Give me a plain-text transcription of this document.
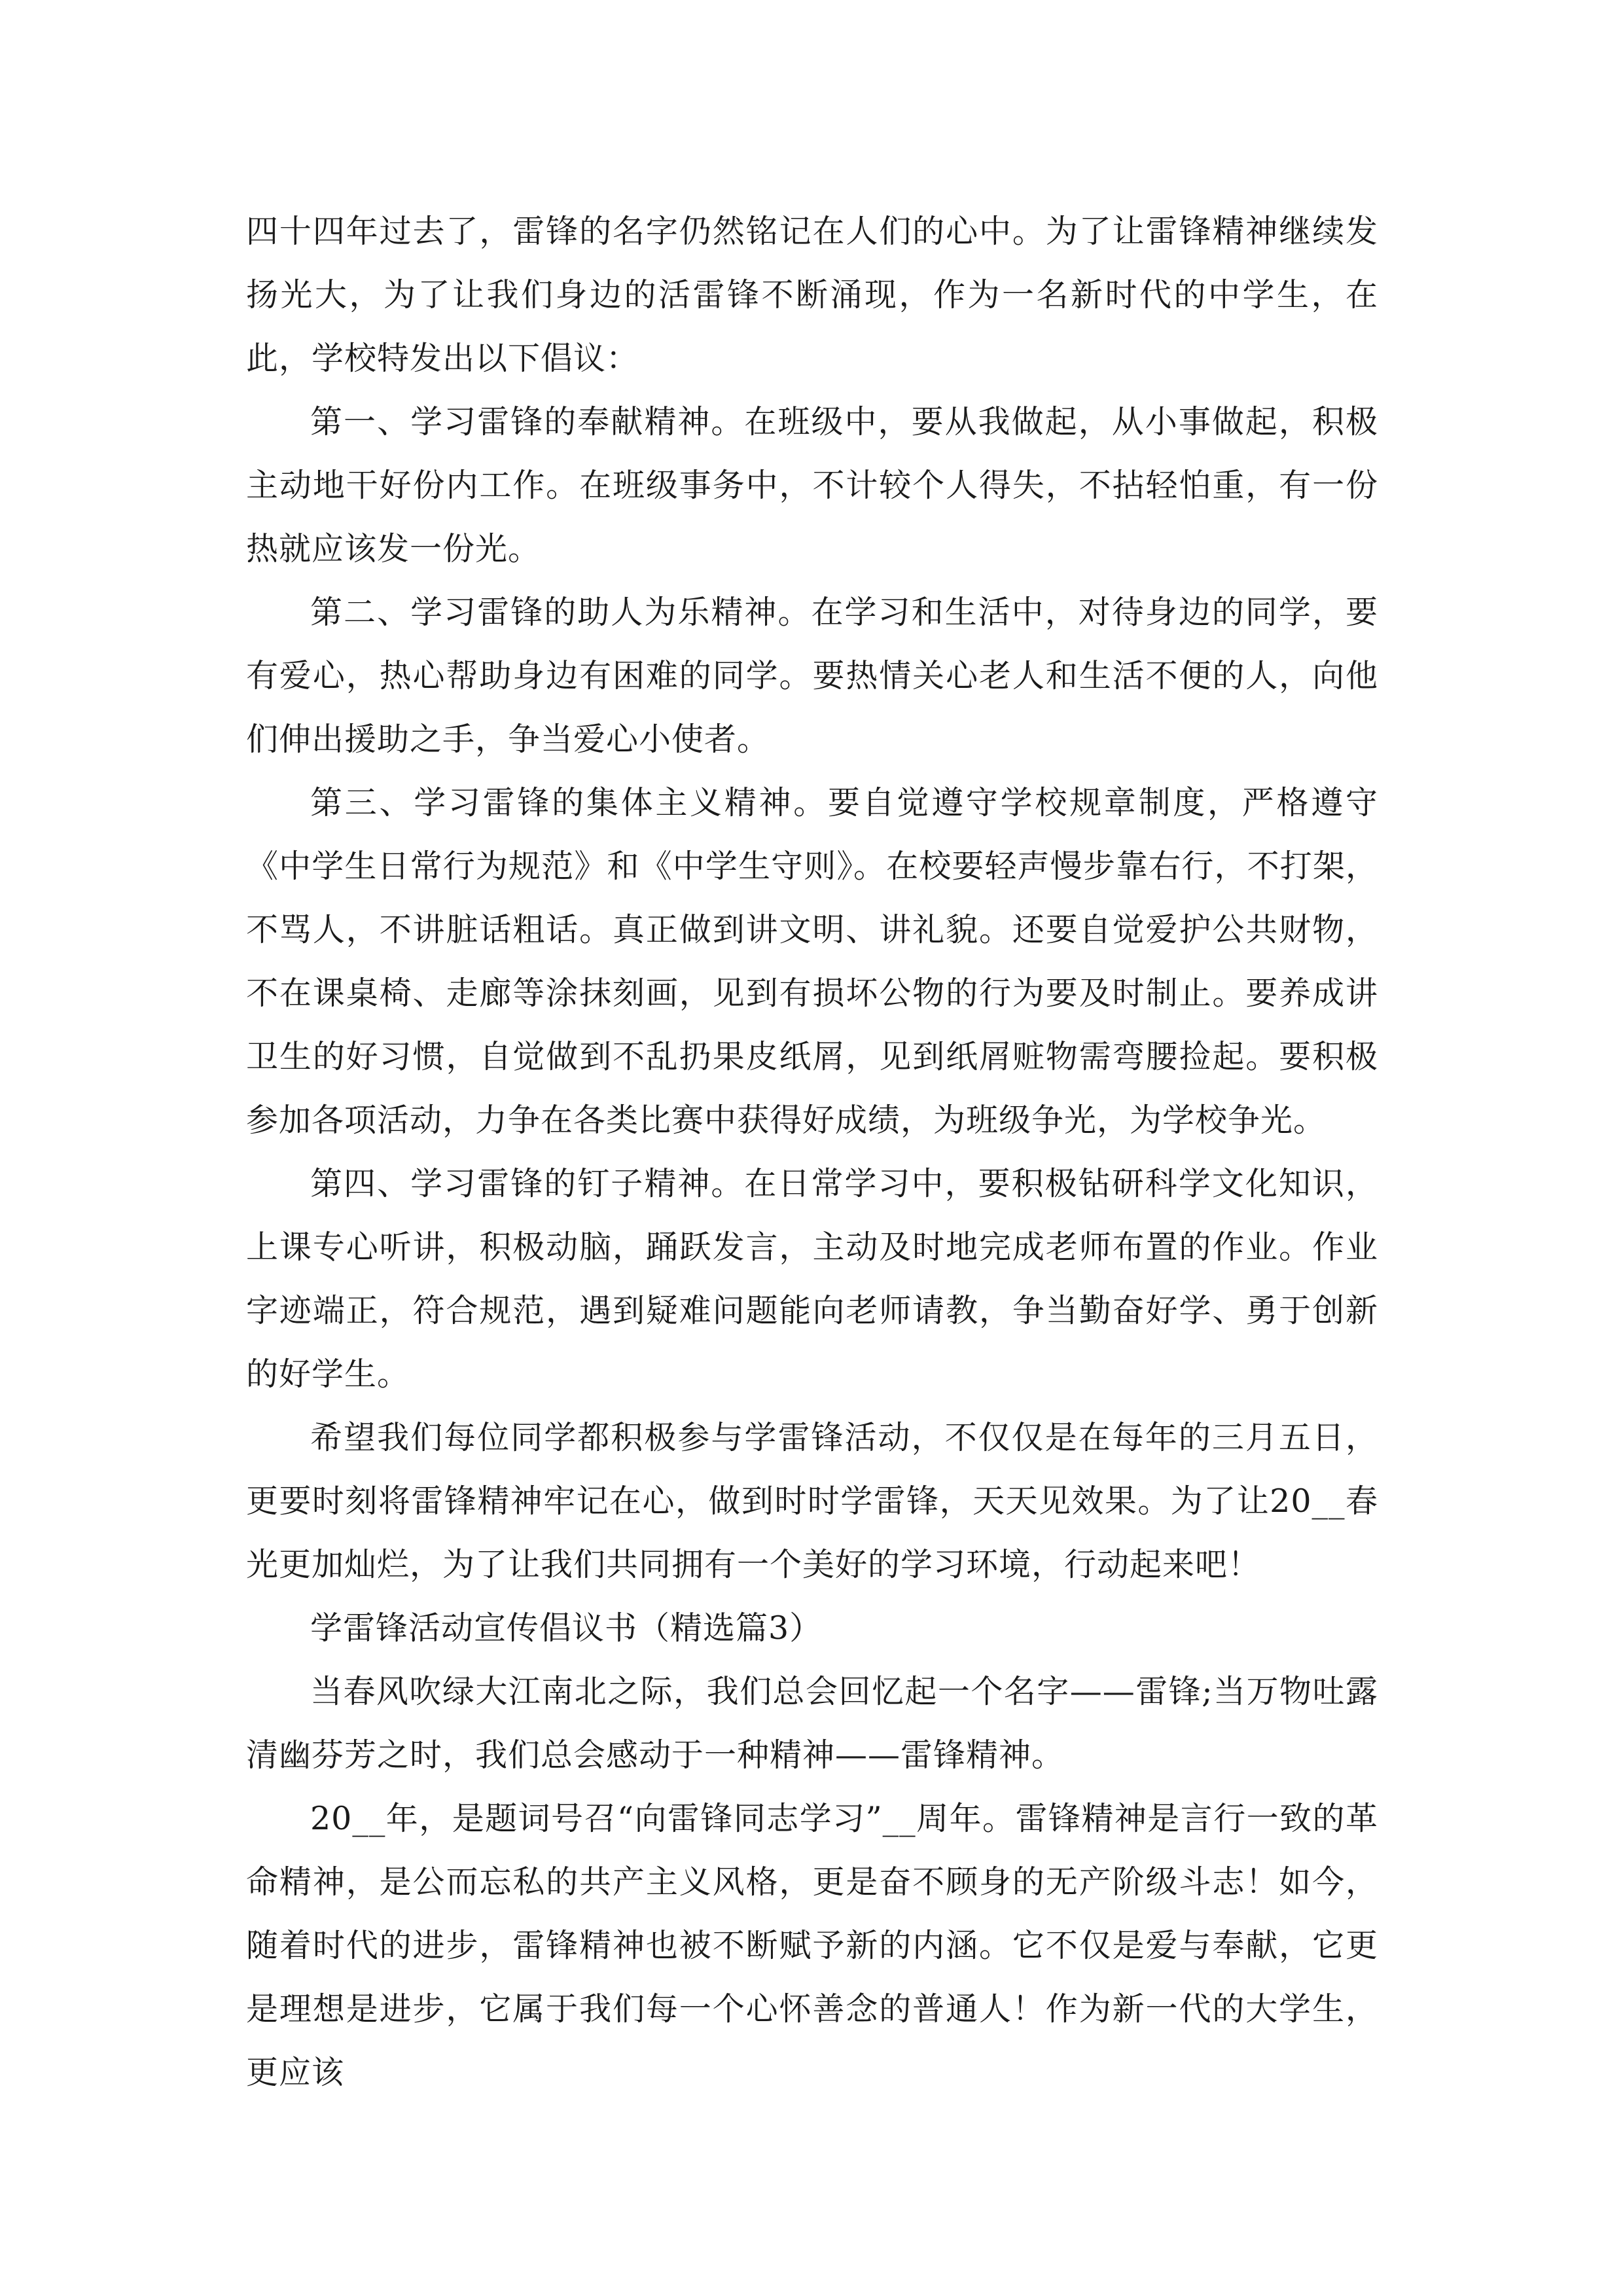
四十四年过去了，雷锋的名字仍然铭记在人们的心中。为了让雷锋精神继续发扬光大，为了让我们身边的活雷锋不断涌现，作为一名新时代的中学生，在此，学校特发出以下倡议：

第一、学习雷锋的奉献精神。在班级中，要从我做起，从小事做起，积极主动地干好份内工作。在班级事务中，不计较个人得失，不拈轻怕重，有一份热就应该发一份光。

第二、学习雷锋的助人为乐精神。在学习和生活中，对待身边的同学，要有爱心，热心帮助身边有困难的同学。要热情关心老人和生活不便的人，向他们伸出援助之手，争当爱心小使者。

第三、学习雷锋的集体主义精神。要自觉遵守学校规章制度，严格遵守《中学生日常行为规范》和《中学生守则》。在校要轻声慢步靠右行，不打架，不骂人，不讲脏话粗话。真正做到讲文明、讲礼貌。还要自觉爱护公共财物，不在课桌椅、走廊等涂抹刻画，见到有损坏公物的行为要及时制止。要养成讲卫生的好习惯，自觉做到不乱扔果皮纸屑，见到纸屑赃物需弯腰捡起。要积极参加各项活动，力争在各类比赛中获得好成绩，为班级争光，为学校争光。

第四、学习雷锋的钉子精神。在日常学习中，要积极钻研科学文化知识，上课专心听讲，积极动脑，踊跃发言，主动及时地完成老师布置的作业。作业字迹端正，符合规范，遇到疑难问题能向老师请教，争当勤奋好学、勇于创新的好学生。

希望我们每位同学都积极参与学雷锋活动，不仅仅是在每年的三月五日，更要时刻将雷锋精神牢记在心，做到时时学雷锋，天天见效果。为了让20__春光更加灿烂，为了让我们共同拥有一个美好的学习环境，行动起来吧！

学雷锋活动宣传倡议书（精选篇3）

当春风吹绿大江南北之际，我们总会回忆起一个名字——雷锋;当万物吐露清幽芬芳之时，我们总会感动于一种精神——雷锋精神。

20__年，是题词号召“向雷锋同志学习”__周年。雷锋精神是言行一致的革命精神，是公而忘私的共产主义风格，更是奋不顾身的无产阶级斗志！如今，随着时代的进步，雷锋精神也被不断赋予新的内涵。它不仅是爱与奉献，它更是理想是进步，它属于我们每一个心怀善念的普通人！作为新一代的大学生，更应该
